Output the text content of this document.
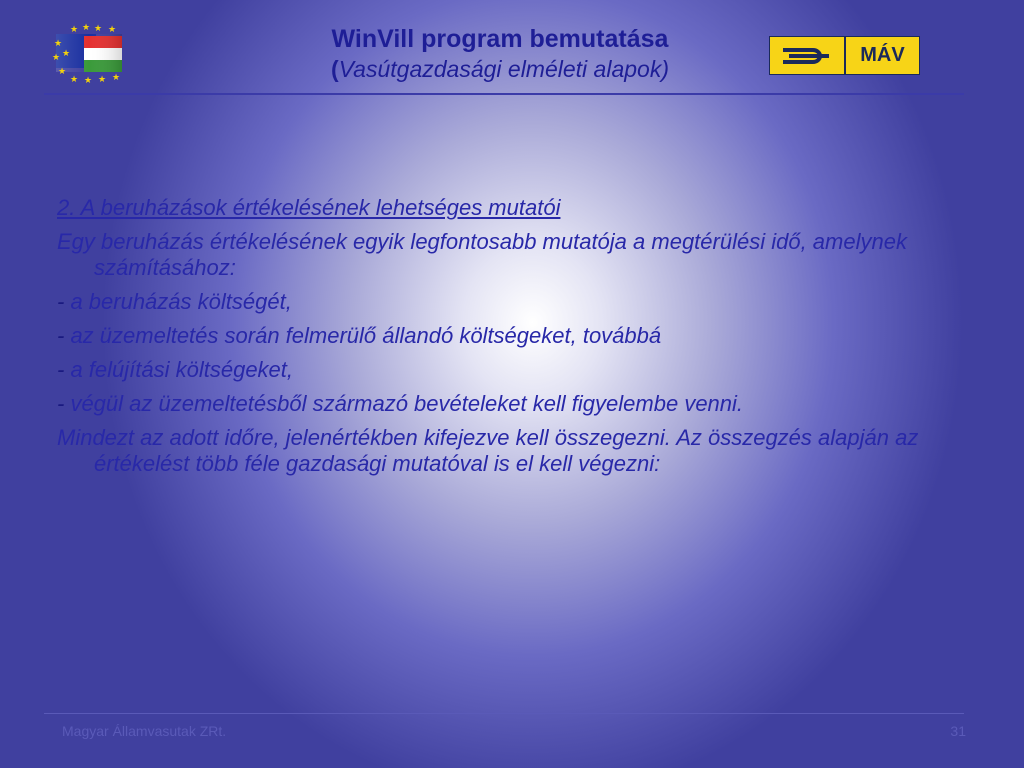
★ ★ ★
★
★
★
★ ★ ★
★
★
★
WinVill program bemutatása
(Vasútgazdasági elméleti alapok)
MÁV

2. A beruházások értékelésének lehetséges mutatói

Egy beruházás értékelésének egyik legfontosabb mutatója a megtérülési idő, amelynek számításához:

- a beruházás költségét,

- az üzemeltetés során felmerülő állandó költségeket, továbbá

- a felújítási költségeket,

- végül az üzemeltetésből származó bevételeket kell figyelembe venni.

Mindezt az adott időre, jelenértékben kifejezve kell összegezni. Az összegzés alapján az értékelést több féle gazdasági mutatóval is el kell végezni:

Magyar Államvasutak ZRt.	31
